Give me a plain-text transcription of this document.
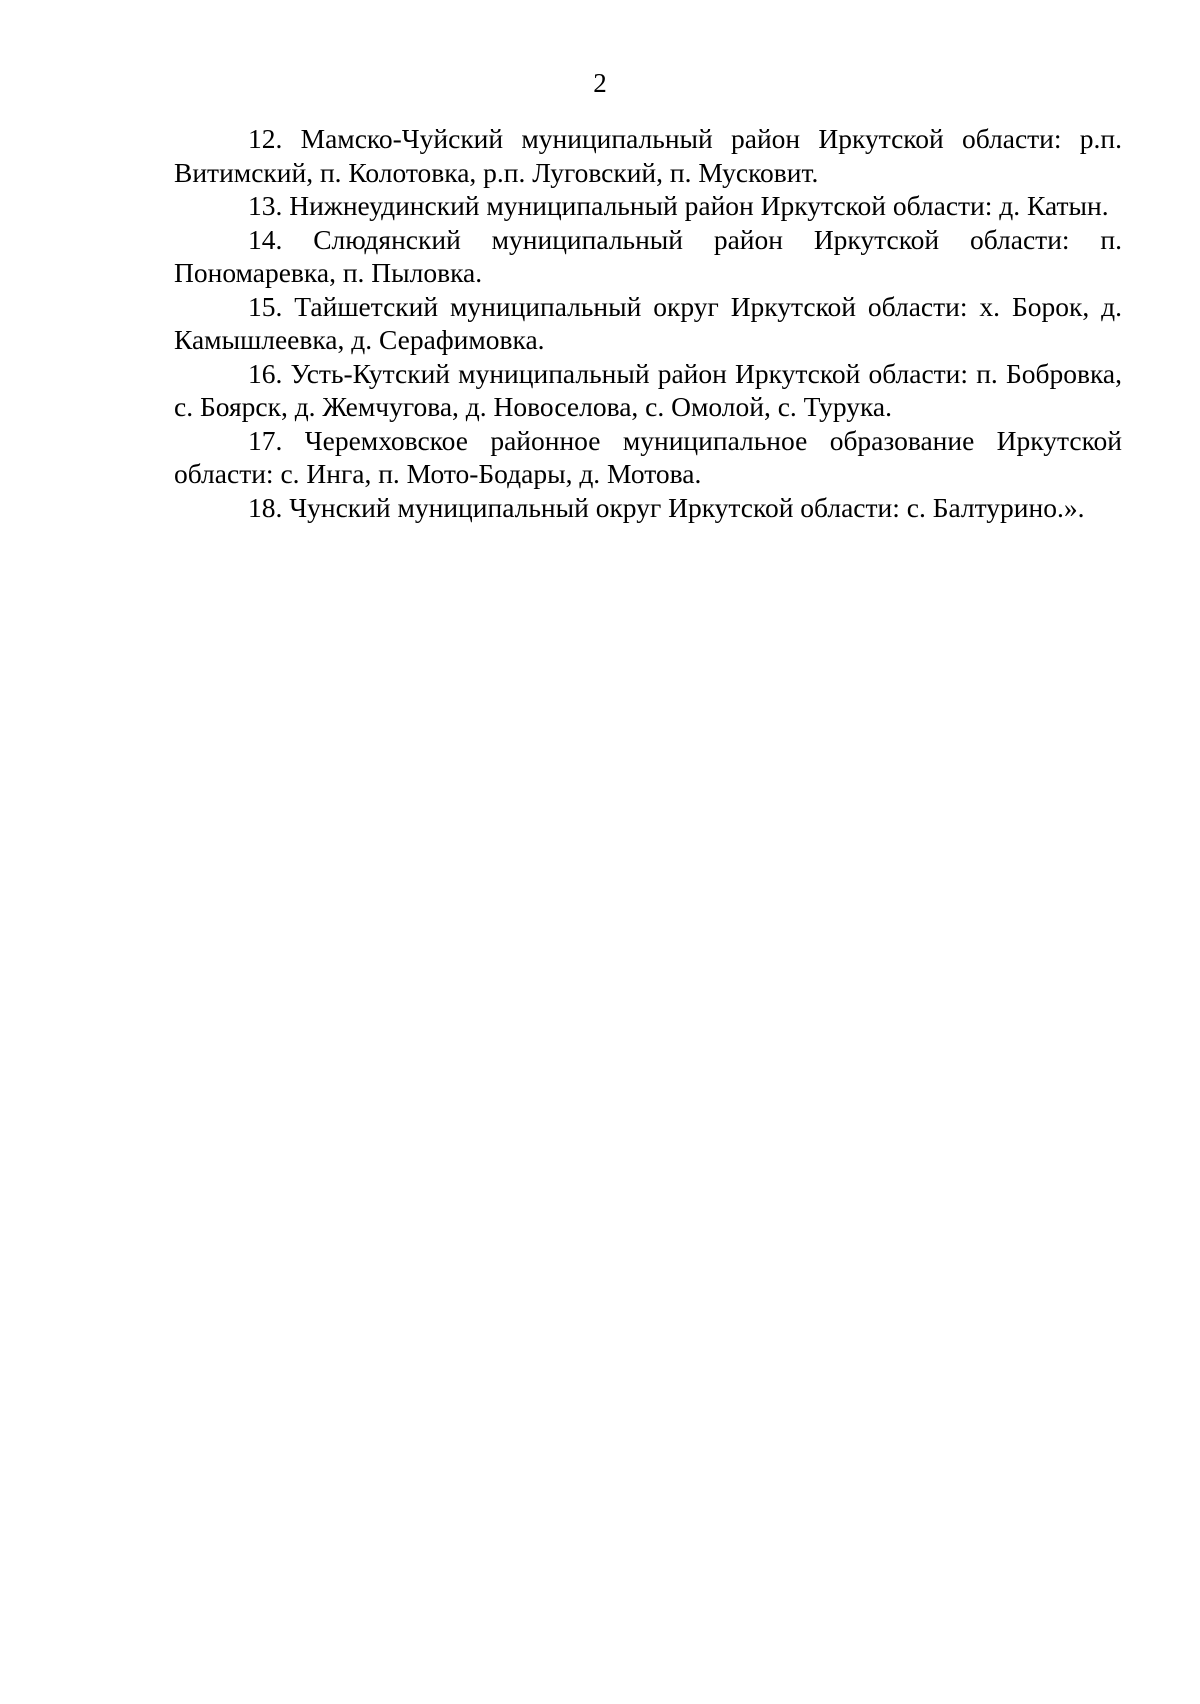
2

12. Мамско-Чуйский муниципальный район Иркутской области: р.п. Витимский, п. Колотовка, р.п. Луговский, п. Мусковит.

13. Нижнеудинский муниципальный район Иркутской области: д. Катын.

14. Слюдянский муниципальный район Иркутской области: п. Пономаревка, п. Пыловка.

15. Тайшетский муниципальный округ Иркутской области: х. Борок, д. Камышлеевка, д. Серафимовка.

16. Усть-Кутский муниципальный район Иркутской области: п. Бобровка, с. Боярск, д. Жемчугова, д. Новоселова, с. Омолой, с. Турука.

17. Черемховское районное муниципальное образование Иркутской области: с. Инга, п. Мото-Бодары, д. Мотова.

18. Чунский муниципальный округ Иркутской области: с. Балтурино.».
